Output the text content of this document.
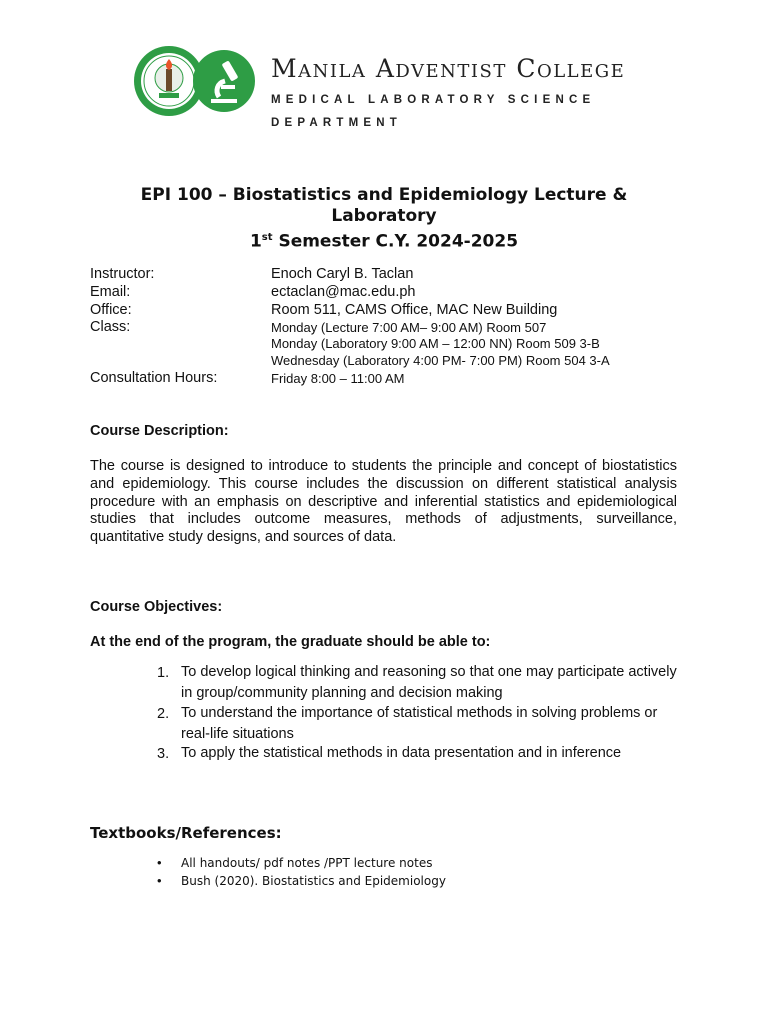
Manila Adventist College
MEDICAL LABORATORY SCIENCE
DEPARTMENT
EPI 100 – Biostatistics and Epidemiology Lecture &
Laboratory
1st Semester C.Y. 2024-2025
Instructor:	Enoch Caryl B. Taclan
Email:	ectaclan@mac.edu.ph
Office:	Room 511, CAMS Office, MAC New Building
Class:	Monday (Lecture 7:00 AM– 9:00 AM) Room 507
Monday (Laboratory 9:00 AM – 12:00 NN) Room 509 3-B
Wednesday (Laboratory 4:00 PM- 7:00 PM) Room 504 3-A
Consultation Hours:	Friday 8:00 – 11:00 AM
Course Description:
The course is designed to introduce to students the principle and concept of biostatistics and epidemiology. This course includes the discussion on different statistical analysis procedure with an emphasis on descriptive and inferential statistics and epidemiological studies that includes outcome measures, methods of adjustments, surveillance, quantitative study designs, and sources of data.
Course Objectives:
At the end of the program, the graduate should be able to:
1. To develop logical thinking and reasoning so that one may participate actively in group/community planning and decision making
2. To understand the importance of statistical methods in solving problems or real-life situations
3. To apply the statistical methods in data presentation and in inference
Textbooks/References:
• All handouts/ pdf notes /PPT lecture notes
• Bush (2020). Biostatistics and Epidemiology
